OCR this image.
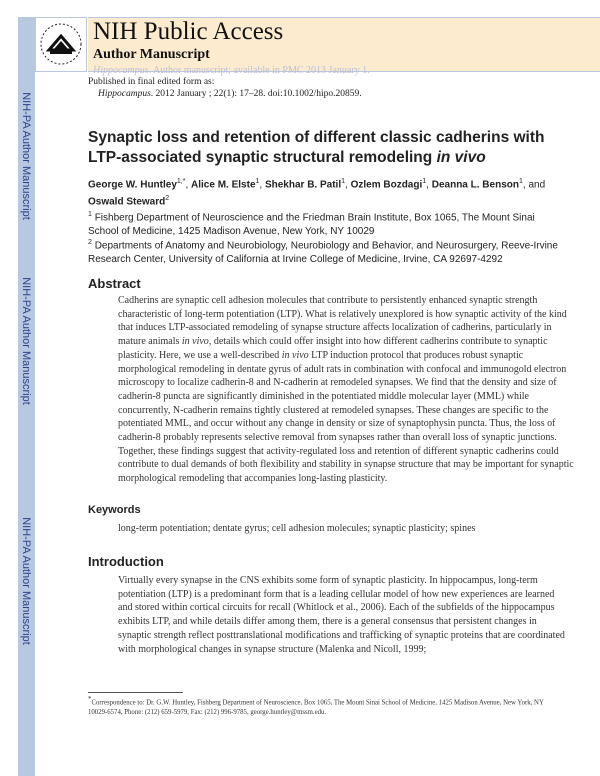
NIH-PA Author Manuscript
NIH-PA Author Manuscript
NIH-PA Author Manuscript
NIH Public Access
Author Manuscript
Hippocampus. Author manuscript; available in PMC 2013 January 1.
Published in final edited form as:
Hippocampus. 2012 January ; 22(1): 17–28. doi:10.1002/hipo.20859.
Synaptic loss and retention of different classic cadherins with LTP-associated synaptic structural remodeling in vivo
George W. Huntley$^{1,*}$, Alice M. Elste$^1$, Shekhar B. Patil$^1$, Ozlem Bozdagi$^1$, Deanna L. Benson$^1$, and Oswald Steward$^2$
$^1$ Fishberg Department of Neuroscience and the Friedman Brain Institute, Box 1065, The Mount Sinai School of Medicine, 1425 Madison Avenue, New York, NY 10029
$^2$ Departments of Anatomy and Neurobiology, Neurobiology and Behavior, and Neurosurgery, Reeve-Irvine Research Center, University of California at Irvine College of Medicine, Irvine, CA 92697-4292
Abstract
Cadherins are synaptic cell adhesion molecules that contribute to persistently enhanced synaptic strength characteristic of long-term potentiation (LTP). What is relatively unexplored is how synaptic activity of the kind that induces LTP-associated remodeling of synapse structure affects localization of cadherins, particularly in mature animals in vivo, details which could offer insight into how different cadherins contribute to synaptic plasticity. Here, we use a well-described in vivo LTP induction protocol that produces robust synaptic morphological remodeling in dentate gyrus of adult rats in combination with confocal and immunogold electron microscopy to localize cadherin-8 and N-cadherin at remodeled synapses. We find that the density and size of cadherin-8 puncta are significantly diminished in the potentiated middle molecular layer (MML) while concurrently, N-cadherin remains tightly clustered at remodeled synapses. These changes are specific to the potentiated MML, and occur without any change in density or size of synaptophysin puncta. Thus, the loss of cadherin-8 probably represents selective removal from synapses rather than overall loss of synaptic junctions. Together, these findings suggest that activity-regulated loss and retention of different synaptic cadherins could contribute to dual demands of both flexibility and stability in synapse structure that may be important for synaptic morphological remodeling that accompanies long-lasting plasticity.
Keywords
long-term potentiation; dentate gyrus; cell adhesion molecules; synaptic plasticity; spines
Introduction
Virtually every synapse in the CNS exhibits some form of synaptic plasticity. In hippocampus, long-term potentiation (LTP) is a predominant form that is a leading cellular model of how new experiences are learned and stored within cortical circuits for recall (Whitlock et al., 2006). Each of the subfields of the hippocampus exhibits LTP, and while details differ among them, there is a general consensus that persistent changes in synaptic strength reflect posttranslational modifications and trafficking of synaptic proteins that are coordinated with morphological changes in synapse structure (Malenka and Nicoll, 1999;
*Correspondence to: Dr. G.W. Huntley, Fishberg Department of Neuroscience, Box 1065, The Mount Sinai School of Medicine, 1425 Madison Avenue, New York, NY 10029-6574, Phone: (212) 659-5979, Fax: (212) 996-9785, george.huntley@mssm.edu.
